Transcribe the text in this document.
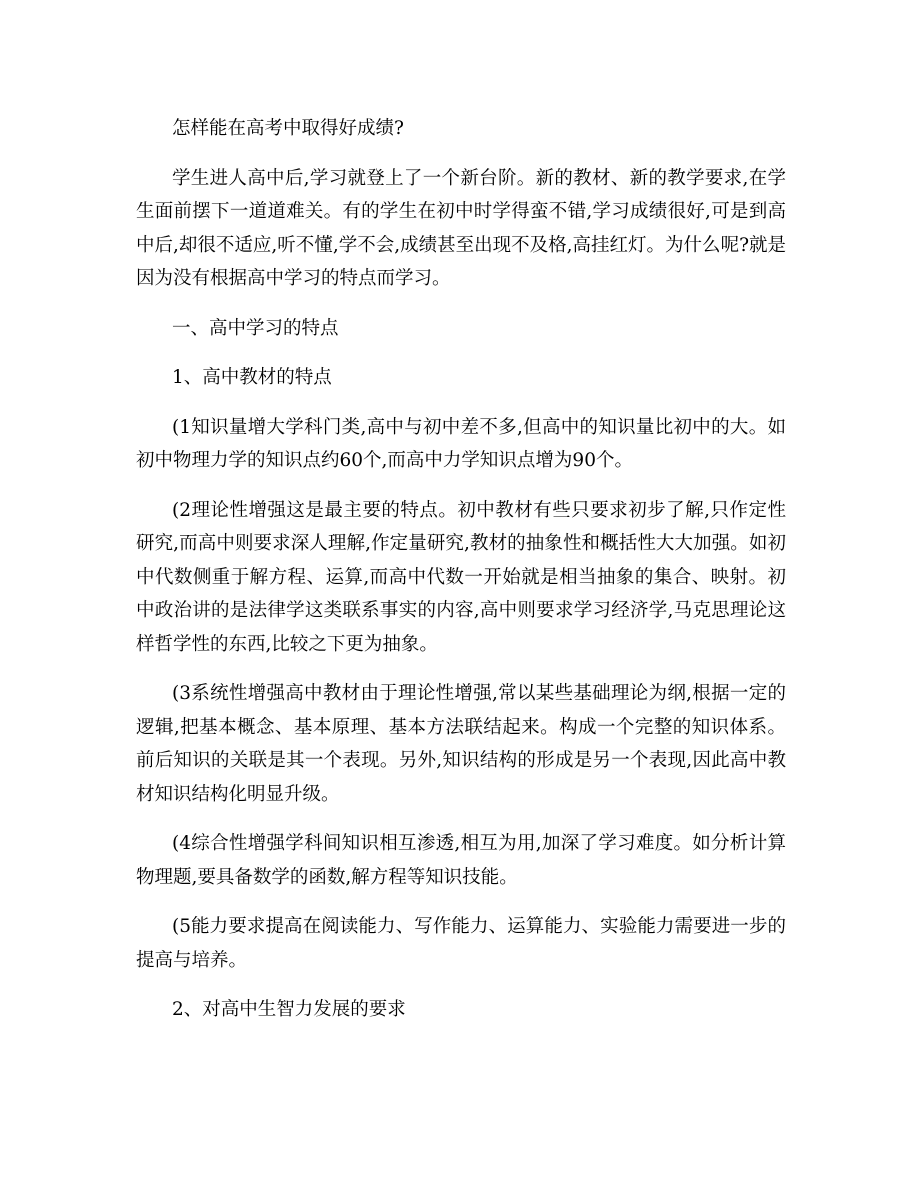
怎样能在高考中取得好成绩?

学生进人高中后,学习就登上了一个新台阶。新的教材、新的教学要求,在学生面前摆下一道道难关。有的学生在初中时学得蛮不错,学习成绩很好,可是到高中后,却很不适应,听不懂,学不会,成绩甚至出现不及格,高挂红灯。为什么呢?就是因为没有根据高中学习的特点而学习。

一、高中学习的特点

1、高中教材的特点

(1知识量增大学科门类,高中与初中差不多,但高中的知识量比初中的大。如初中物理力学的知识点约60个,而高中力学知识点增为90个。

(2理论性增强这是最主要的特点。初中教材有些只要求初步了解,只作定性研究,而高中则要求深人理解,作定量研究,教材的抽象性和概括性大大加强。如初中代数侧重于解方程、运算,而高中代数一开始就是相当抽象的集合、映射。初中政治讲的是法律学这类联系事实的内容,高中则要求学习经济学,马克思理论这样哲学性的东西,比较之下更为抽象。

(3系统性增强高中教材由于理论性增强,常以某些基础理论为纲,根据一定的逻辑,把基本概念、基本原理、基本方法联结起来。构成一个完整的知识体系。前后知识的关联是其一个表现。另外,知识结构的形成是另一个表现,因此高中教材知识结构化明显升级。

(4综合性增强学科间知识相互渗透,相互为用,加深了学习难度。如分析计算物理题,要具备数学的函数,解方程等知识技能。

(5能力要求提高在阅读能力、写作能力、运算能力、实验能力需要进一步的提高与培养。

2、对高中生智力发展的要求
